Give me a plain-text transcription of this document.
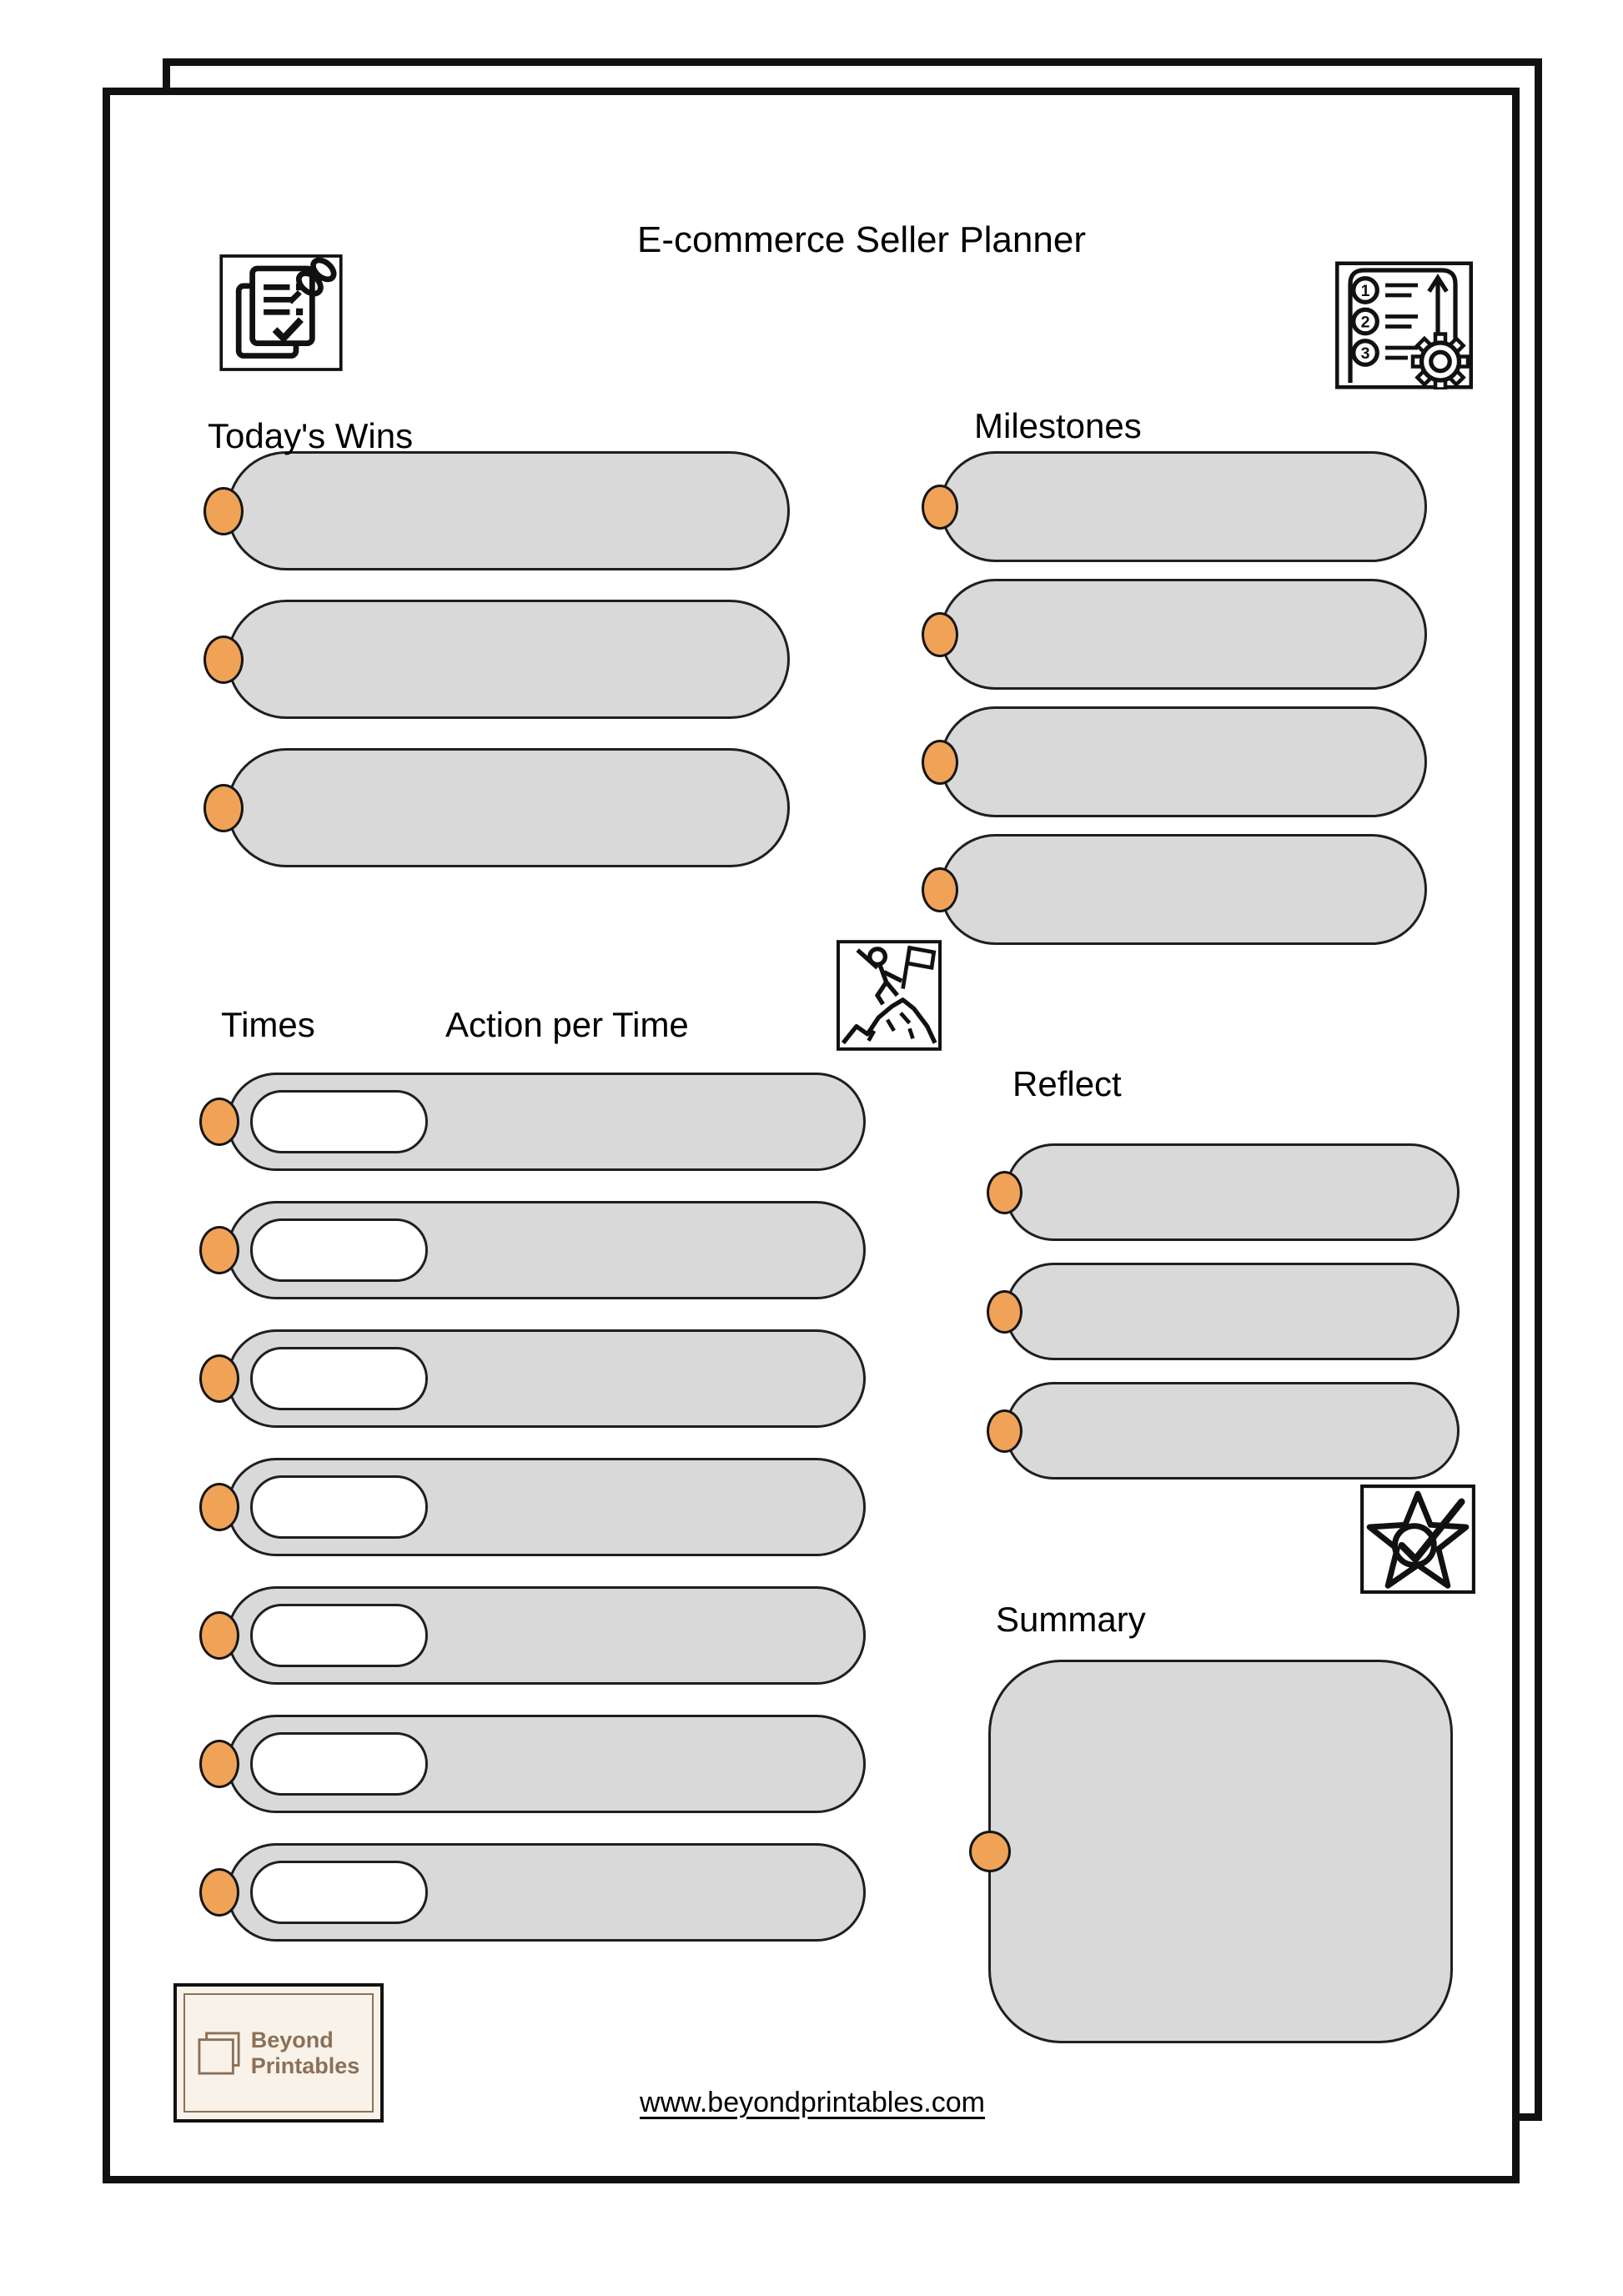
E-commerce Seller Planner
1
2
3
Today's Wins	Milestones
Times	Action per Time
Reflect
Summary
Beyond
Printables
www.beyondprintables.com
